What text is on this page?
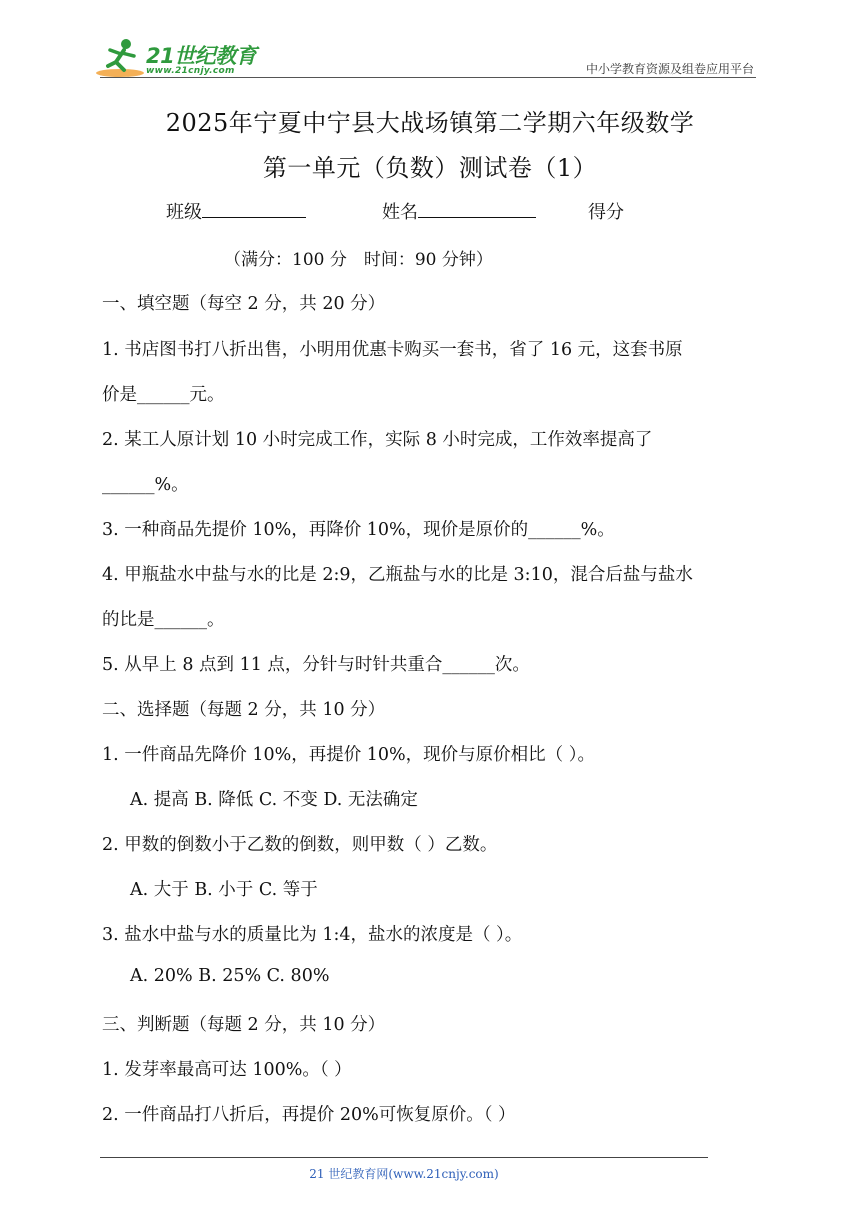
21世纪教育
www.21cnjy.com	中小学教育资源及组卷应用平台
2025年宁夏中宁县大战场镇第二学期六年级数学
第一单元（负数）测试卷（1）
班级	姓名	得分
（满分：100 分　时间：90 分钟）
一、填空题（每空 2 分，共 20 分）
1. 书店图书打八折出售，小明用优惠卡购买一套书，省了 16 元，这套书原
价是______元。
2. 某工人原计划 10 小时完成工作，实际 8 小时完成，工作效率提高了
______%。
3. 一种商品先提价 10%，再降价 10%，现价是原价的______%。
4. 甲瓶盐水中盐与水的比是 2:9，乙瓶盐与水的比是 3:10，混合后盐与盐水
的比是______。
5. 从早上 8 点到 11 点，分针与时针共重合______次。
二、选择题（每题 2 分，共 10 分）
1. 一件商品先降价 10%，再提价 10%，现价与原价相比（ ）。
A. 提高 B. 降低 C. 不变 D. 无法确定
2. 甲数的倒数小于乙数的倒数，则甲数（ ）乙数。
A. 大于 B. 小于 C. 等于
3. 盐水中盐与水的质量比为 1:4，盐水的浓度是（ ）。
A. 20% B. 25% C. 80%
三、判断题（每题 2 分，共 10 分）
1. 发芽率最高可达 100%。（ ）
2. 一件商品打八折后，再提价 20%可恢复原价。（ ）
21 世纪教育网(www.21cnjy.com)
